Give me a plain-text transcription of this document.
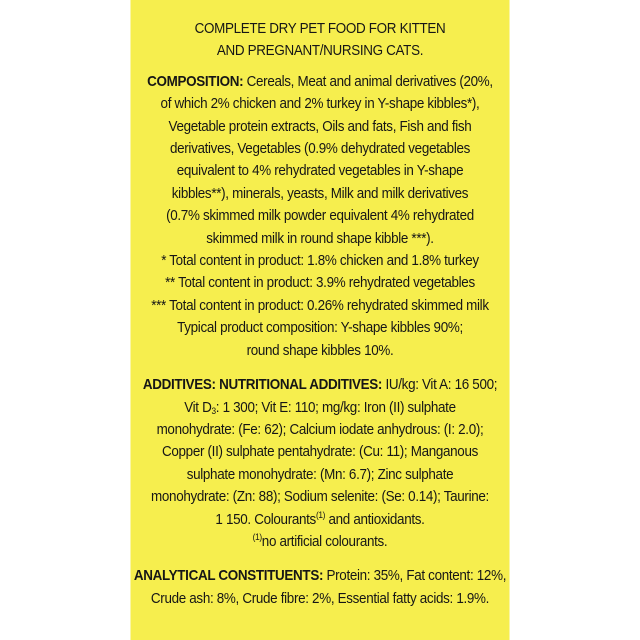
COMPLETE DRY PET FOOD FOR KITTEN
AND PREGNANT/NURSING CATS.
COMPOSITION: Cereals, Meat and animal derivatives (20%,
of which 2% chicken and 2% turkey in Y-shape kibbles*),
Vegetable protein extracts, Oils and fats, Fish and fish
derivatives, Vegetables (0.9% dehydrated vegetables
equivalent to 4% rehydrated vegetables in Y-shape
kibbles**), minerals, yeasts, Milk and milk derivatives
(0.7% skimmed milk powder equivalent 4% rehydrated
skimmed milk in round shape kibble ***).
* Total content in product: 1.8% chicken and 1.8% turkey
** Total content in product: 3.9% rehydrated vegetables
*** Total content in product: 0.26% rehydrated skimmed milk
Typical product composition: Y-shape kibbles 90%;
round shape kibbles 10%.
ADDITIVES: NUTRITIONAL ADDITIVES: IU/kg: Vit A: 16 500;
Vit $D_3$: 1 300; Vit E: 110; mg/kg: Iron (II) sulphate
monohydrate: (Fe: 62); Calcium iodate anhydrous: (I: 2.0);
Copper (II) sulphate pentahydrate: (Cu: 11); Manganous
sulphate monohydrate: (Mn: 6.7); Zinc sulphate
monohydrate: (Zn: 88); Sodium selenite: (Se: 0.14); Taurine:
1 150. Colourants$^{(1)}$ and antioxidants.
$^{(1)}$no artificial colourants.
ANALYTICAL CONSTITUENTS: Protein: 35%, Fat content: 12%,
Crude ash: 8%, Crude fibre: 2%, Essential fatty acids: 1.9%.
